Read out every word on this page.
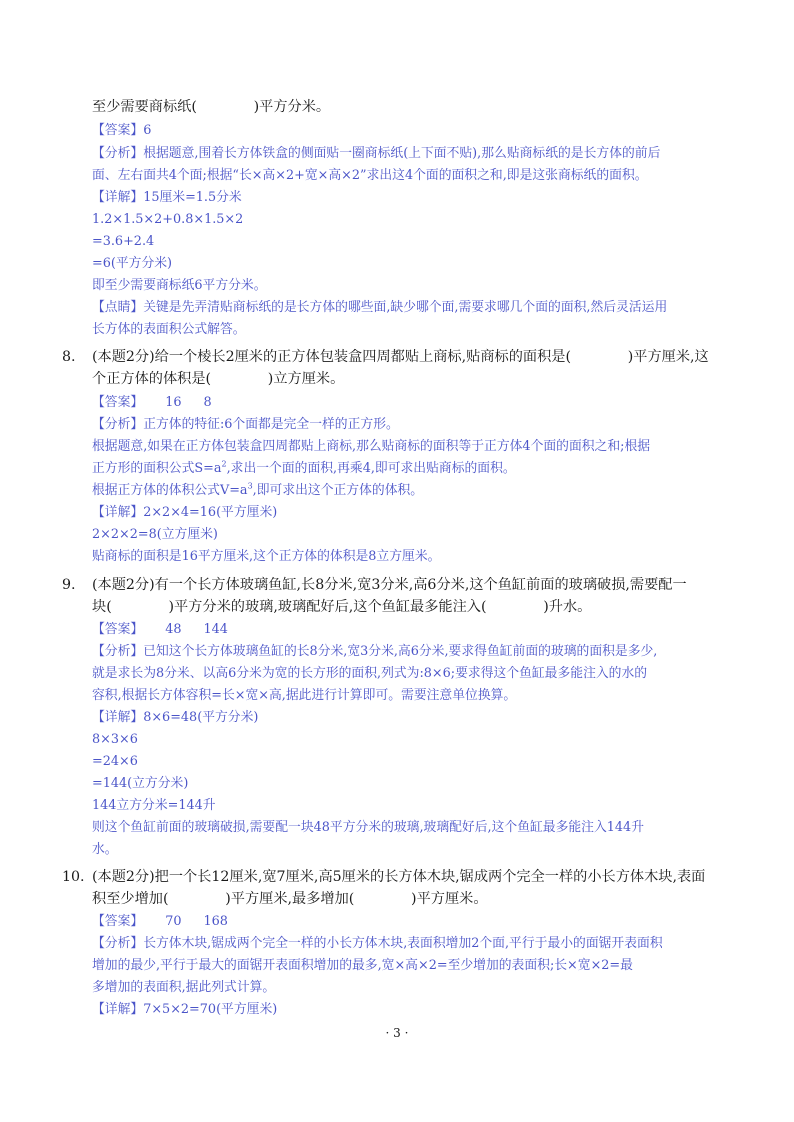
至少需要商标纸(　　　　)平方分米。
【答案】6
【分析】根据题意,围着长方体铁盒的侧面贴一圈商标纸(上下面不贴),那么贴商标纸的是长方体的前后
面、左右面共4个面;根据“长×高×2+宽×高×2”求出这4个面的面积之和,即是这张商标纸的面积。
【详解】15厘米=1.5分米
1.2×1.5×2+0.8×1.5×2
=3.6+2.4
=6(平方分米)
即至少需要商标纸6平方分米。
【点睛】关键是先弄清贴商标纸的是长方体的哪些面,缺少哪个面,需要求哪几个面的面积,然后灵活运用
长方体的表面积公式解答。
8. (本题2分)给一个棱长2厘米的正方体包装盒四周都贴上商标,贴商标的面积是(　　　　)平方厘米,这
个正方体的体积是(　　　　)立方厘米。
【答案】 16 8
【分析】正方体的特征:6个面都是完全一样的正方形。
根据题意,如果在正方体包装盒四周都贴上商标,那么贴商标的面积等于正方体4个面的面积之和;根据
正方形的面积公式$S=a^2$,求出一个面的面积,再乘4,即可求出贴商标的面积。
根据正方体的体积公式$V=a^3$,即可求出这个正方体的体积。
【详解】2×2×4=16(平方厘米)
2×2×2=8(立方厘米)
贴商标的面积是16平方厘米,这个正方体的体积是8立方厘米。
9. (本题2分)有一个长方体玻璃鱼缸,长8分米,宽3分米,高6分米,这个鱼缸前面的玻璃破损,需要配一
块(　　　　)平方分米的玻璃,玻璃配好后,这个鱼缸最多能注入(　　　　)升水。
【答案】 48 144
【分析】已知这个长方体玻璃鱼缸的长8分米,宽3分米,高6分米,要求得鱼缸前面的玻璃的面积是多少,
就是求长为8分米、以高6分米为宽的长方形的面积,列式为:8×6;要求得这个鱼缸最多能注入的水的
容积,根据长方体容积=长×宽×高,据此进行计算即可。需要注意单位换算。
【详解】8×6=48(平方分米)
8×3×6
=24×6
=144(立方分米)
144立方分米=144升
则这个鱼缸前面的玻璃破损,需要配一块48平方分米的玻璃,玻璃配好后,这个鱼缸最多能注入144升
水。
10. (本题2分)把一个长12厘米,宽7厘米,高5厘米的长方体木块,锯成两个完全一样的小长方体木块,表面
积至少增加(　　　　)平方厘米,最多增加(　　　　)平方厘米。
【答案】 70 168
【分析】长方体木块,锯成两个完全一样的小长方体木块,表面积增加2个面,平行于最小的面锯开表面积
增加的最少,平行于最大的面锯开表面积增加的最多,宽×高×2=至少增加的表面积;长×宽×2=最
多增加的表面积,据此列式计算。
【详解】7×5×2=70(平方厘米)
· 3 ·
